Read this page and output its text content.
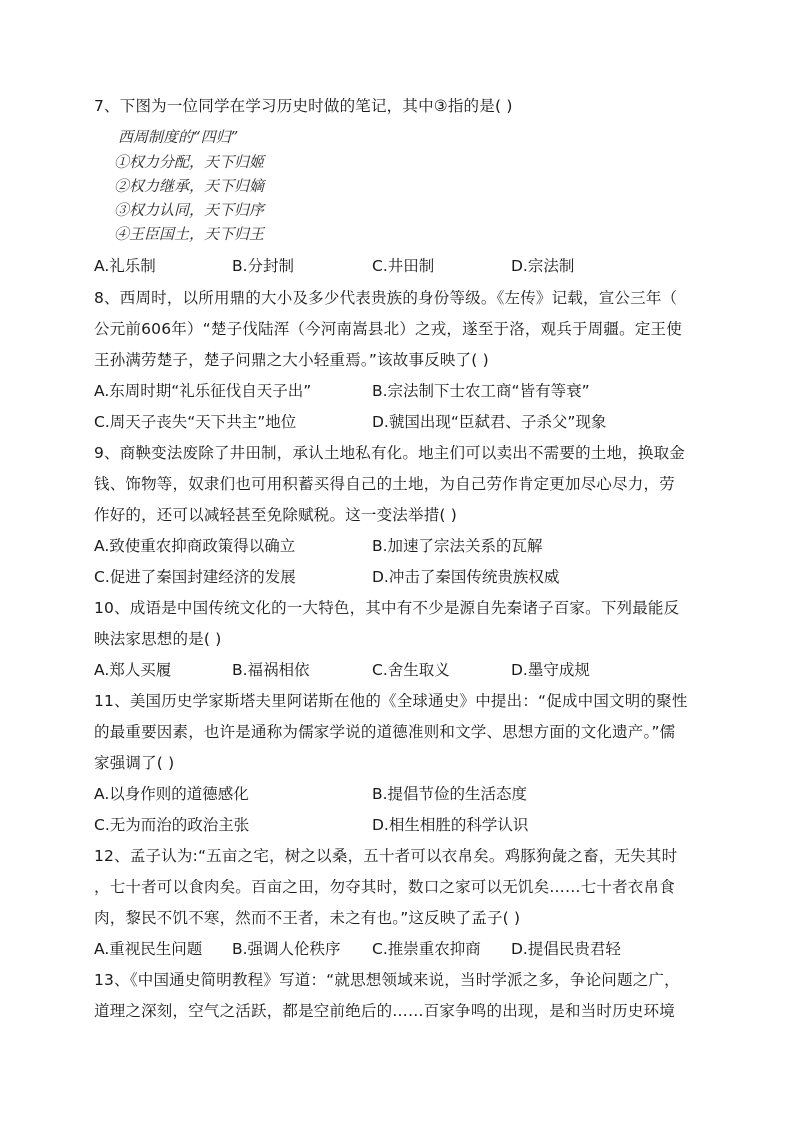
7、下图为一位同学在学习历史时做的笔记，其中③指的是( )
西周制度的“四归”
①权力分配，天下归姬
②权力继承，天下归嫡
③权力认同，天下归序
④王臣国土，天下归王
A.礼乐制	B.分封制	C.井田制	D.宗法制
8、西周时，以所用鼎的大小及多少代表贵族的身份等级。《左传》记载，宣公三年（
公元前606年）“楚子伐陆浑（今河南嵩县北）之戎，遂至于洛，观兵于周疆。定王使
王孙满劳楚子，楚子问鼎之大小轻重焉。”该故事反映了( )
A.东周时期“礼乐征伐自天子出”	B.宗法制下士农工商“皆有等衰”
C.周天子丧失“天下共主”地位	D.虢国出现“臣弑君、子杀父”现象
9、商鞅变法废除了井田制，承认土地私有化。地主们可以卖出不需要的土地，换取金
钱、饰物等，奴隶们也可用积蓄买得自己的土地，为自己劳作肯定更加尽心尽力，劳
作好的，还可以减轻甚至免除赋税。这一变法举措( )
A.致使重农抑商政策得以确立	B.加速了宗法关系的瓦解
C.促进了秦国封建经济的发展	D.冲击了秦国传统贵族权威
10、成语是中国传统文化的一大特色，其中有不少是源自先秦诸子百家。下列最能反
映法家思想的是( )
A.郑人买履	B.福祸相依	C.舍生取义	D.墨守成规
11、美国历史学家斯塔夫里阿诺斯在他的《全球通史》中提出：“促成中国文明的聚性
的最重要因素，也许是通称为儒家学说的道德准则和文学、思想方面的文化遗产。”儒
家强调了( )
A.以身作则的道德感化	B.提倡节俭的生活态度
C.无为而治的政治主张	D.相生相胜的科学认识
12、孟子认为:“五亩之宅，树之以桑，五十者可以衣帛矣。鸡豚狗彘之畜，无失其时
，七十者可以食肉矣。百亩之田，勿夺其时，数口之家可以无饥矣……七十者衣帛食
肉，黎民不饥不寒，然而不王者，未之有也。”这反映了孟子( )
A.重视民生问题 B.强调人伦秩序 C.推崇重农抑商 D.提倡民贵君轻
13、《中国通史简明教程》写道：“就思想领域来说，当时学派之多，争论问题之广，
道理之深刻，空气之活跃，都是空前绝后的……百家争鸣的出现，是和当时历史环境
